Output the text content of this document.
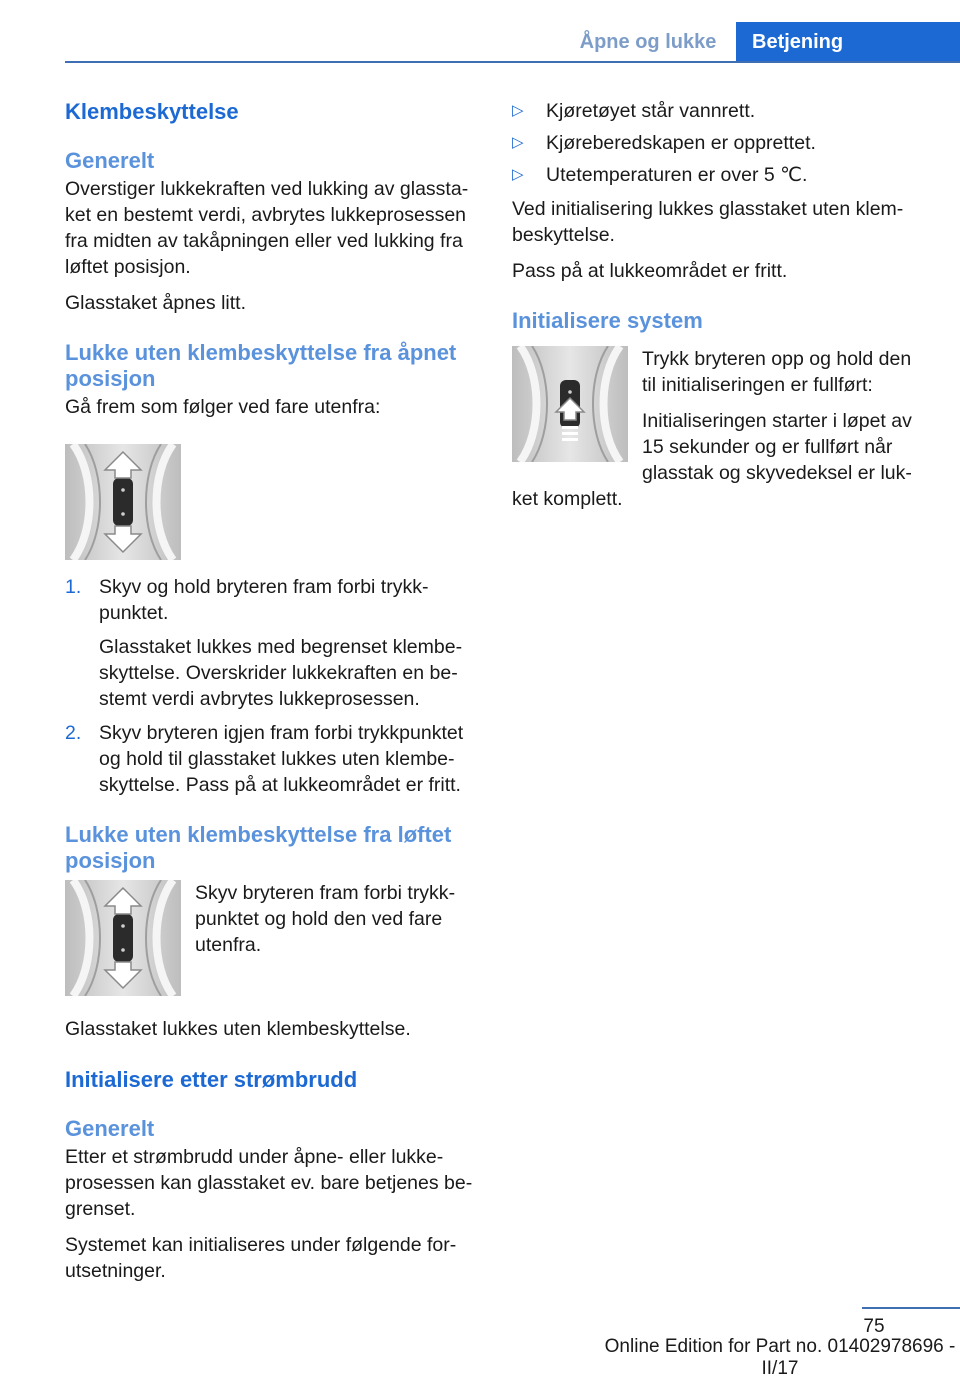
Åpne og lukke	Betjening
Klembeskyttelse
Generelt

Overstiger lukkekraften ved lukking av glasstaket en bestemt verdi, avbrytes lukkeprosessen fra midten av takåpningen eller ved lukking fra løftet posisjon.

Glasstaket åpnes litt.

Lukke uten klembeskyttelse fra åpnet posisjon

Gå frem som følger ved fare utenfra:

1. Skyv og hold bryteren fram forbi trykkpunktet.

Glasstaket lukkes med begrenset klembeskyttelse. Overskrider lukkekraften en bestemt verdi avbrytes lukkeprosessen.

2. Skyv bryteren igjen fram forbi trykkpunktet og hold til glasstaket lukkes uten klembeskyttelse. Pass på at lukkeområdet er fritt.

Lukke uten klembeskyttelse fra løftet posisjon

Skyv bryteren fram forbi trykkpunktet og hold den ved fare utenfra.

Glasstaket lukkes uten klembeskyttelse.

Initialisere etter strømbrudd
Generelt

Etter et strømbrudd under åpne- eller lukkeprosessen kan glasstaket ev. bare betjenes begrenset.

Systemet kan initialiseres under følgende forutsetninger.

▷ Kjøretøyet står vannrett.
▷ Kjøreberedskapen er opprettet.
▷ Utetemperaturen er over 5 ℃.

Ved initialisering lukkes glasstaket uten klembeskyttelse.

Pass på at lukkeområdet er fritt.

Initialisere system

Trykk bryteren opp og hold den til initialiseringen er fullført:

Initialiseringen starter i løpet av 15 sekunder og er fullført når glasstak og skyvedeksel er lukket komplett.

75
Online Edition for Part no. 01402978696 - II/17
